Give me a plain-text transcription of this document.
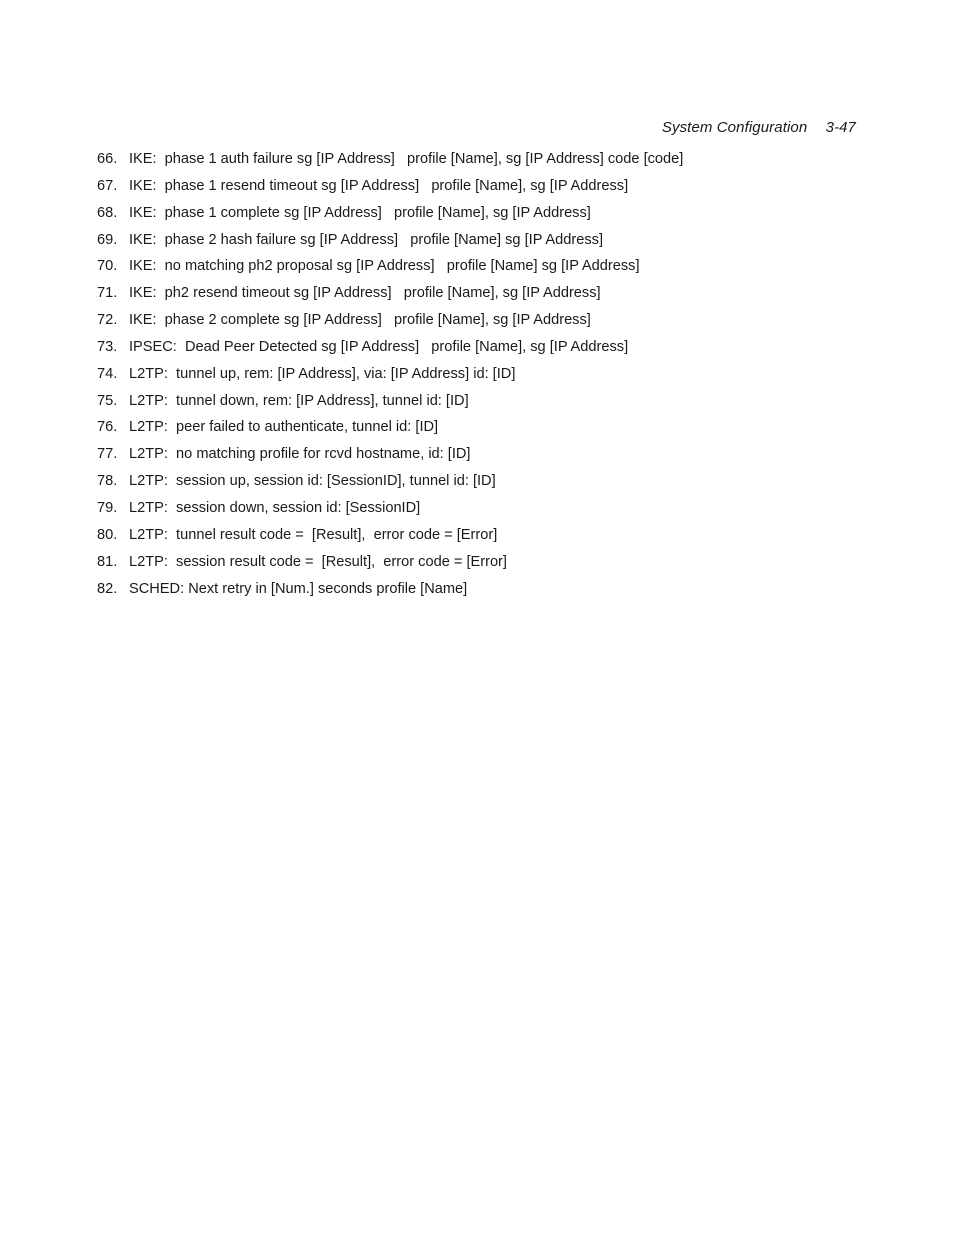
System Configuration 3-47
66. IKE:  phase 1 auth failure sg [IP Address]   profile [Name], sg [IP Address] code [code]
67. IKE:  phase 1 resend timeout sg [IP Address]   profile [Name], sg [IP Address]
68. IKE:  phase 1 complete sg [IP Address]   profile [Name], sg [IP Address]
69. IKE:  phase 2 hash failure sg [IP Address]   profile [Name] sg [IP Address]
70. IKE:  no matching ph2 proposal sg [IP Address]   profile [Name] sg [IP Address]
71. IKE:  ph2 resend timeout sg [IP Address]   profile [Name], sg [IP Address]
72. IKE:  phase 2 complete sg [IP Address]   profile [Name], sg [IP Address]
73. IPSEC:  Dead Peer Detected sg [IP Address]   profile [Name], sg [IP Address]
74. L2TP:  tunnel up, rem: [IP Address], via: [IP Address] id: [ID]
75. L2TP:  tunnel down, rem: [IP Address], tunnel id: [ID]
76. L2TP:  peer failed to authenticate, tunnel id: [ID]
77. L2TP:  no matching profile for rcvd hostname, id: [ID]
78. L2TP:  session up, session id: [SessionID], tunnel id: [ID]
79. L2TP:  session down, session id: [SessionID]
80. L2TP:  tunnel result code =  [Result],  error code = [Error]
81. L2TP:  session result code =  [Result],  error code = [Error]
82. SCHED: Next retry in [Num.] seconds profile [Name]
